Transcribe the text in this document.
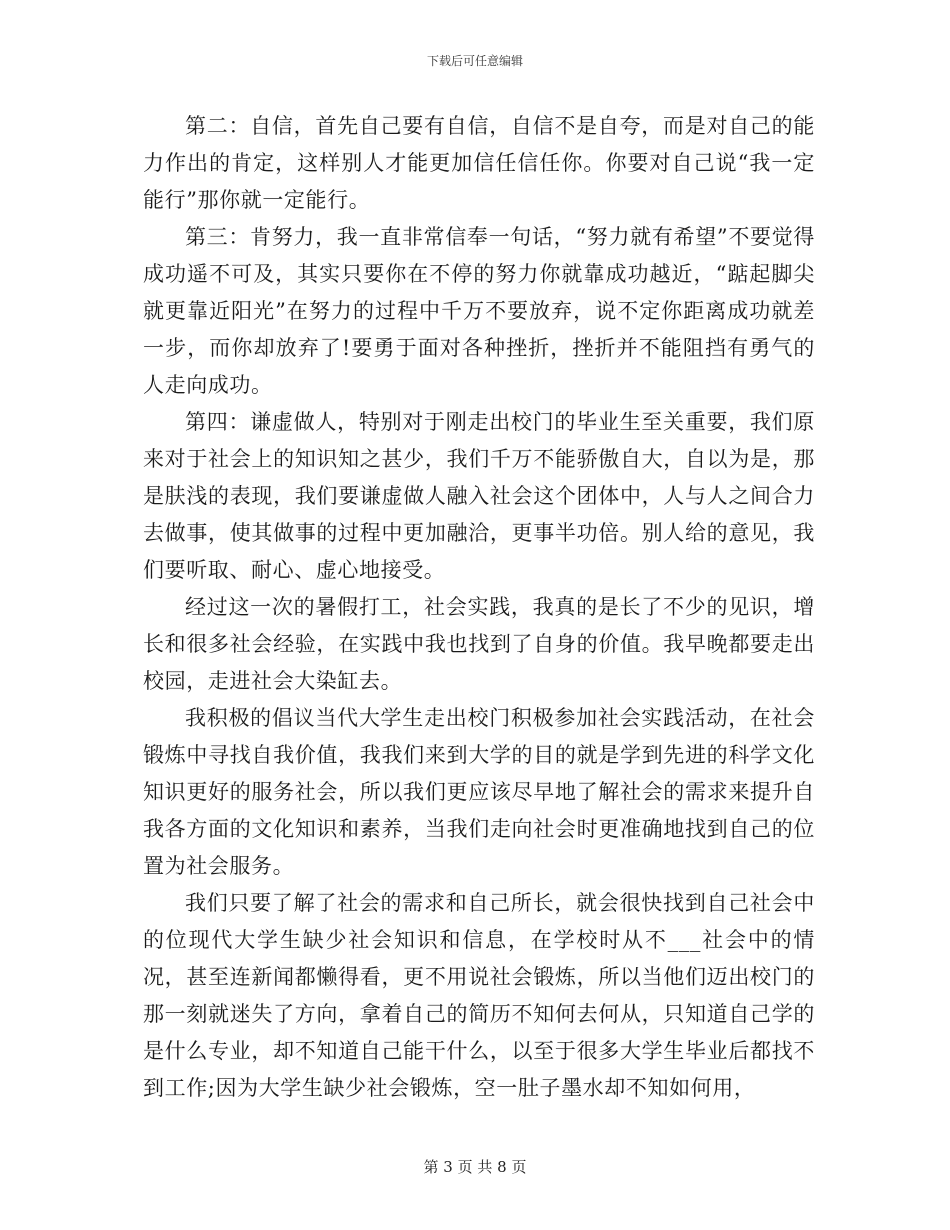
下载后可任意编辑

第二：自信，首先自己要有自信，自信不是自夸，而是对自己的能力作出的肯定，这样别人才能更加信任信任你。你要对自己说“我一定能行”那你就一定能行。

第三：肯努力，我一直非常信奉一句话，“努力就有希望”不要觉得成功遥不可及，其实只要你在不停的努力你就靠成功越近，“踮起脚尖就更靠近阳光”在努力的过程中千万不要放弃，说不定你距离成功就差一步，而你却放弃了!要勇于面对各种挫折，挫折并不能阻挡有勇气的人走向成功。

第四：谦虚做人，特别对于刚走出校门的毕业生至关重要，我们原来对于社会上的知识知之甚少，我们千万不能骄傲自大，自以为是，那是肤浅的表现，我们要谦虚做人融入社会这个团体中，人与人之间合力去做事，使其做事的过程中更加融洽，更事半功倍。别人给的意见，我们要听取、耐心、虚心地接受。

经过这一次的暑假打工，社会实践，我真的是长了不少的见识，增长和很多社会经验，在实践中我也找到了自身的价值。我早晚都要走出校园，走进社会大染缸去。

我积极的倡议当代大学生走出校门积极参加社会实践活动，在社会锻炼中寻找自我价值，我我们来到大学的目的就是学到先进的科学文化知识更好的服务社会，所以我们更应该尽早地了解社会的需求来提升自我各方面的文化知识和素养，当我们走向社会时更准确地找到自己的位置为社会服务。

我们只要了解了社会的需求和自己所长，就会很快找到自己社会中的位现代大学生缺少社会知识和信息，在学校时从不___社会中的情况，甚至连新闻都懒得看，更不用说社会锻炼，所以当他们迈出校门的那一刻就迷失了方向，拿着自己的简历不知何去何从，只知道自己学的是什么专业，却不知道自己能干什么，以至于很多大学生毕业后都找不到工作;因为大学生缺少社会锻炼，空一肚子墨水却不知如何用，

第 3 页 共 8 页
